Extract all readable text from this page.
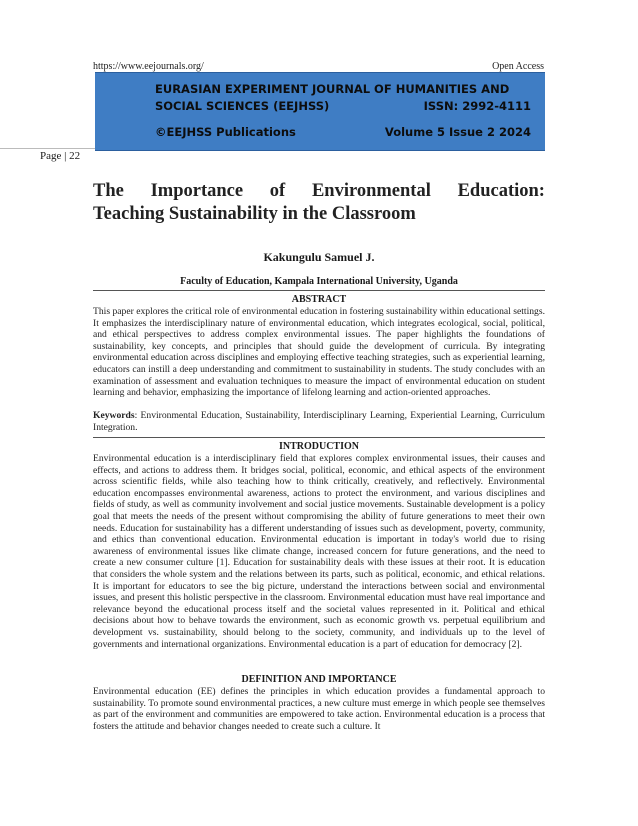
https://www.eejournals.org/	Open Access
EURASIAN EXPERIMENT JOURNAL OF HUMANITIES AND
SOCIAL SCIENCES (EEJHSS)	ISSN: 2992-4111
©EEJHSS Publications	Volume 5 Issue 2 2024
Page | 22
The Importance of Environmental Education:
Teaching Sustainability in the Classroom
Kakungulu Samuel J.
Faculty of Education, Kampala International University, Uganda
ABSTRACT
This paper explores the critical role of environmental education in fostering sustainability within educational settings. It emphasizes the interdisciplinary nature of environmental education, which integrates ecological, social, political, and ethical perspectives to address complex environmental issues. The paper highlights the foundations of sustainability, key concepts, and principles that should guide the development of curricula. By integrating environmental education across disciplines and employing effective teaching strategies, such as experiential learning, educators can instill a deep understanding and commitment to sustainability in students. The study concludes with an examination of assessment and evaluation techniques to measure the impact of environmental education on student learning and behavior, emphasizing the importance of lifelong learning and action-oriented approaches.
Keywords: Environmental Education, Sustainability, Interdisciplinary Learning, Experiential Learning, Curriculum Integration.
INTRODUCTION
Environmental education is a interdisciplinary field that explores complex environmental issues, their causes and effects, and actions to address them. It bridges social, political, economic, and ethical aspects of the environment across scientific fields, while also teaching how to think critically, creatively, and reflectively. Environmental education encompasses environmental awareness, actions to protect the environment, and various disciplines and fields of study, as well as community involvement and social justice movements. Sustainable development is a policy goal that meets the needs of the present without compromising the ability of future generations to meet their own needs. Education for sustainability has a different understanding of issues such as development, poverty, community, and ethics than conventional education. Environmental education is important in today's world due to rising awareness of environmental issues like climate change, increased concern for future generations, and the need to create a new consumer culture [1]. Education for sustainability deals with these issues at their root. It is education that considers the whole system and the relations between its parts, such as political, economic, and ethical relations. It is important for educators to see the big picture, understand the interactions between social and environmental issues, and present this holistic perspective in the classroom. Environmental education must have real importance and relevance beyond the educational process itself and the societal values represented in it. Political and ethical decisions about how to behave towards the environment, such as economic growth vs. perpetual equilibrium and development vs. sustainability, should belong to the society, community, and individuals up to the level of governments and international organizations. Environmental education is a part of education for democracy [2].
DEFINITION AND IMPORTANCE
Environmental education (EE) defines the principles in which education provides a fundamental approach to sustainability. To promote sound environmental practices, a new culture must emerge in which people see themselves as part of the environment and communities are empowered to take action. Environmental education is a process that fosters the attitude and behavior changes needed to create such a culture. It
